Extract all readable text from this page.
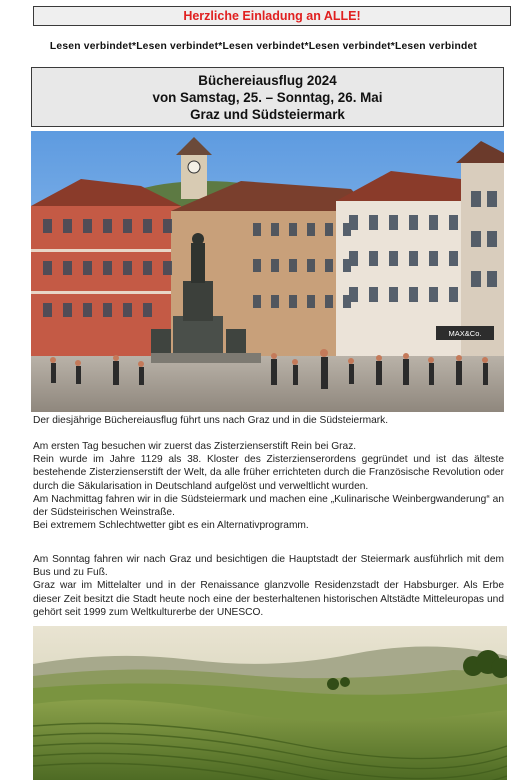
Herzliche Einladung an ALLE!
Lesen verbindet*Lesen verbindet*Lesen verbindet*Lesen verbindet*Lesen verbindet
Büchereiausflug 2024
von Samstag, 25. – Sonntag, 26. Mai
Graz und Südsteiermark
MAX&Co.

Der diesjährige Büchereiausflug führt uns nach Graz und in die Südsteiermark.

Am ersten Tag besuchen wir zuerst das Zisterzienserstift Rein bei Graz.

Rein wurde im Jahre 1129 als 38. Kloster des Zisterzienserordens gegründet und ist das älteste bestehende Zisterzienserstift der Welt, da alle früher errichteten durch die Französische Revolution oder durch die Säkularisation in Deutschland aufgelöst und verweltlicht wurden.

Am Nachmittag fahren wir in die Südsteiermark und machen eine „Kulinarische Weinbergwanderung“ an der Südsteirischen Weinstraße.

Bei extremem Schlechtwetter gibt es ein Alternativprogramm.

Am Sonntag fahren wir nach Graz und besichtigen die Hauptstadt der Steiermark ausführlich mit dem Bus und zu Fuß.

Graz war im Mittelalter und in der Renaissance glanzvolle Residenzstadt der Habsburger. Als Erbe dieser Zeit besitzt die Stadt heute noch eine der besterhaltenen historischen Altstädte Mitteleuropas und gehört seit 1999 zum Weltkulturerbe der UNESCO.
